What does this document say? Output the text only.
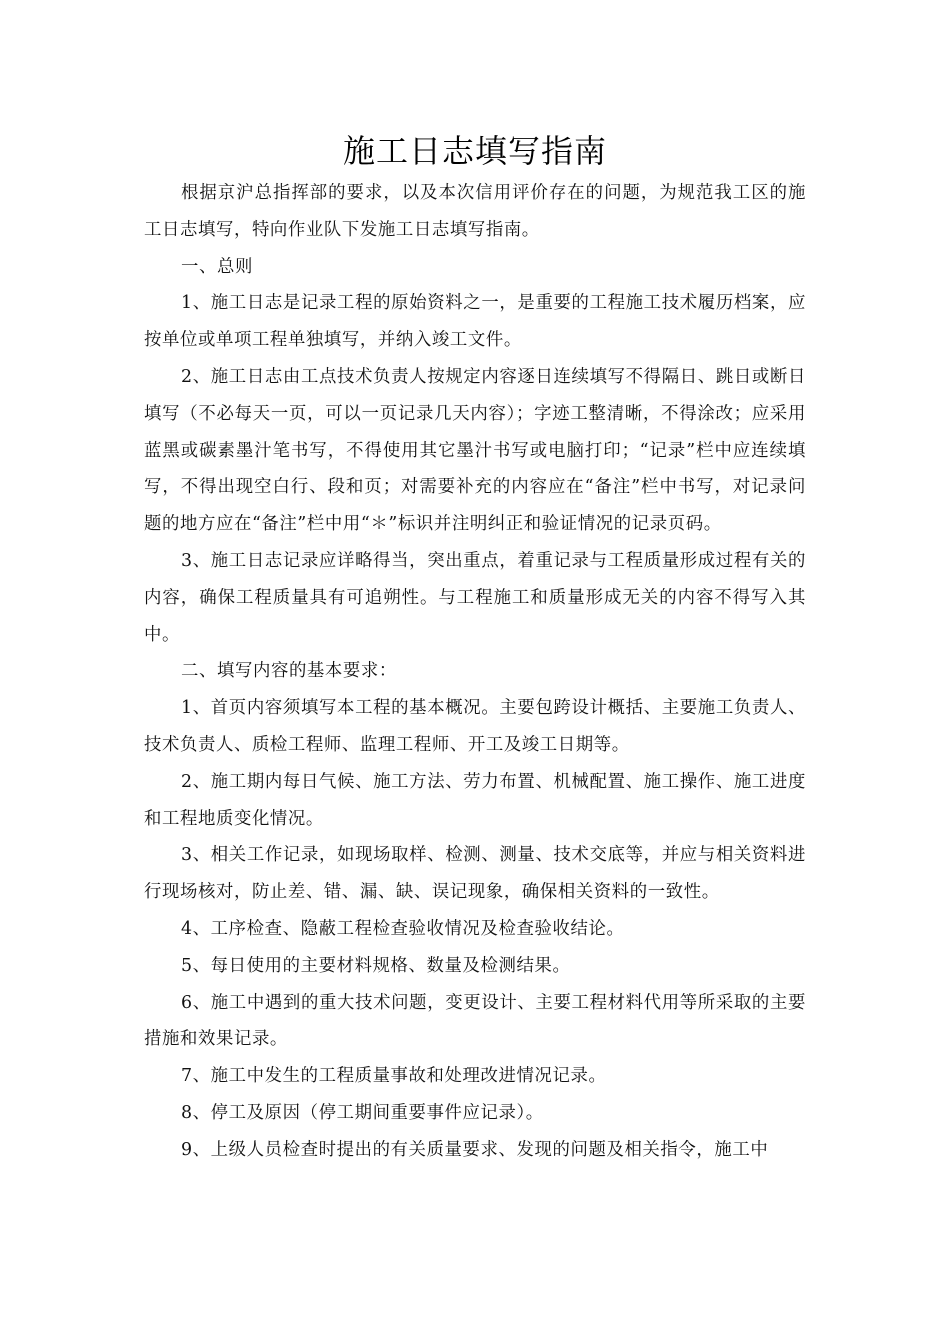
施工日志填写指南

根据京沪总指挥部的要求，以及本次信用评价存在的问题，为规范我工区的施工日志填写，特向作业队下发施工日志填写指南。

一、总则

1、施工日志是记录工程的原始资料之一，是重要的工程施工技术履历档案，应按单位或单项工程单独填写，并纳入竣工文件。

2、施工日志由工点技术负责人按规定内容逐日连续填写不得隔日、跳日或断日填写（不必每天一页，可以一页记录几天内容）；字迹工整清晰，不得涂改；应采用蓝黑或碳素墨汁笔书写，不得使用其它墨汁书写或电脑打印；“记录”栏中应连续填写，不得出现空白行、段和页；对需要补充的内容应在“备注”栏中书写，对记录问题的地方应在“备注”栏中用“＊”标识并注明纠正和验证情况的记录页码。

3、施工日志记录应详略得当，突出重点，着重记录与工程质量形成过程有关的内容，确保工程质量具有可追朔性。与工程施工和质量形成无关的内容不得写入其中。

二、填写内容的基本要求：

1、首页内容须填写本工程的基本概况。主要包跨设计概括、主要施工负责人、技术负责人、质检工程师、监理工程师、开工及竣工日期等。

2、施工期内每日气候、施工方法、劳力布置、机械配置、施工操作、施工进度和工程地质变化情况。

3、相关工作记录，如现场取样、检测、测量、技术交底等，并应与相关资料进行现场核对，防止差、错、漏、缺、误记现象，确保相关资料的一致性。

4、工序检查、隐蔽工程检查验收情况及检查验收结论。

5、每日使用的主要材料规格、数量及检测结果。

6、施工中遇到的重大技术问题，变更设计、主要工程材料代用等所采取的主要措施和效果记录。

7、施工中发生的工程质量事故和处理改进情况记录。

8、停工及原因（停工期间重要事件应记录）。

9、上级人员检查时提出的有关质量要求、发现的问题及相关指令，施工中
